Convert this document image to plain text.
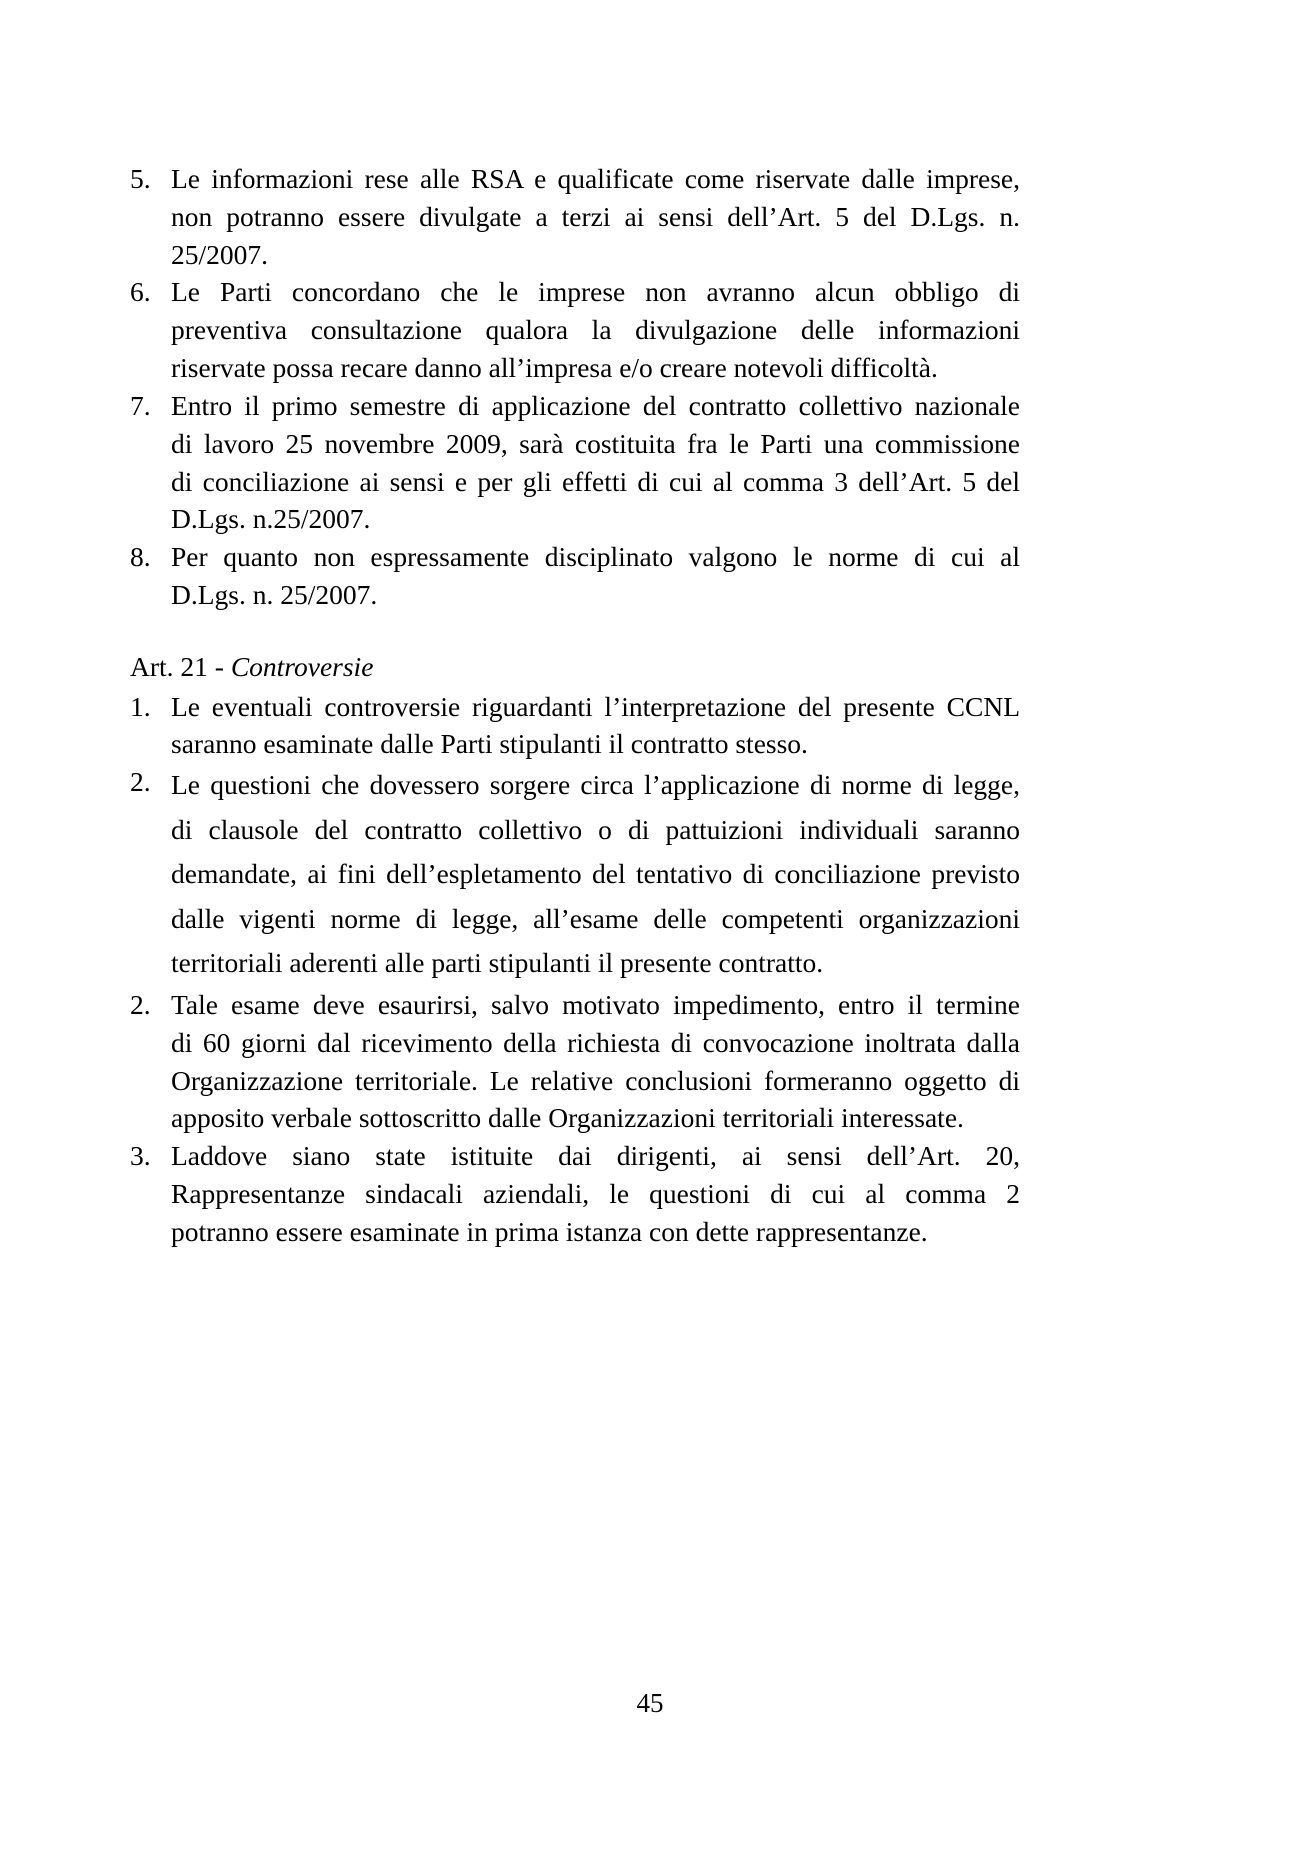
5. Le informazioni rese alle RSA e qualificate come riservate dalle imprese,
non potranno essere divulgate a terzi ai sensi dell’Art. 5 del D.Lgs. n.
25/2007.
6. Le Parti concordano che le imprese non avranno alcun obbligo di
preventiva consultazione qualora la divulgazione delle informazioni
riservate possa recare danno all’impresa e/o creare notevoli difficoltà.
7. Entro il primo semestre di applicazione del contratto collettivo nazionale
di lavoro 25 novembre 2009, sarà costituita fra le Parti una commissione
di conciliazione ai sensi e per gli effetti di cui al comma 3 dell’Art. 5 del
D.Lgs. n.25/2007.
8. Per quanto non espressamente disciplinato valgono le norme di cui al
D.Lgs. n. 25/2007.
Art. 21 - Controversie
1. Le eventuali controversie riguardanti l’interpretazione del presente CCNL
saranno esaminate dalle Parti stipulanti il contratto stesso.
2. Le questioni che dovessero sorgere circa l’applicazione di norme di legge,
di clausole del contratto collettivo o di pattuizioni individuali saranno
demandate, ai fini dell’espletamento del tentativo di conciliazione previsto
dalle vigenti norme di legge, all’esame delle competenti organizzazioni
territoriali aderenti alle parti stipulanti il presente contratto.
2. Tale esame deve esaurirsi, salvo motivato impedimento, entro il termine
di 60 giorni dal ricevimento della richiesta di convocazione inoltrata dalla
Organizzazione territoriale. Le relative conclusioni formeranno oggetto di
apposito verbale sottoscritto dalle Organizzazioni territoriali interessate.
3. Laddove siano state istituite dai dirigenti, ai sensi dell’Art. 20,
Rappresentanze sindacali aziendali, le questioni di cui al comma 2
potranno essere esaminate in prima istanza con dette rappresentanze.
45
